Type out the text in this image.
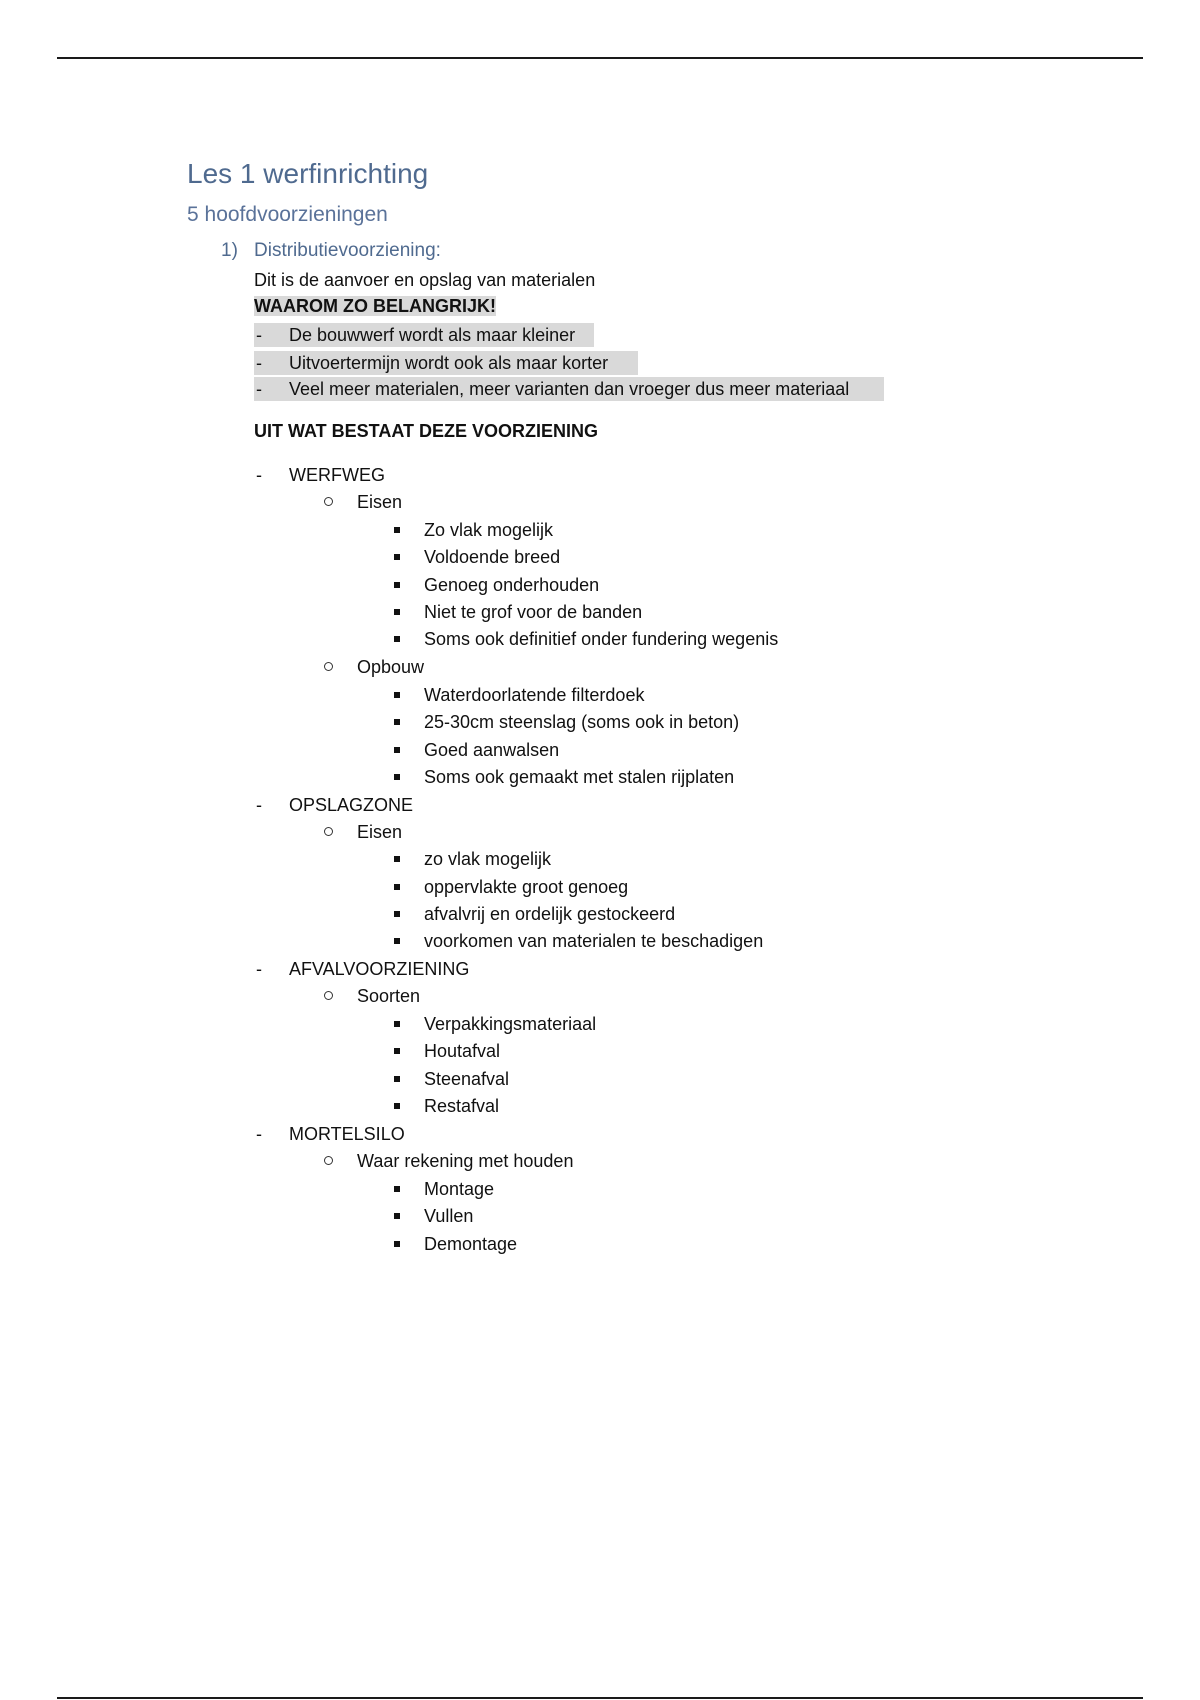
Les 1 werfinrichting
5 hoofdvoorzieningen
1) Distributievoorziening:
Dit is de aanvoer en opslag van materialen
WAAROM ZO BELANGRIJK!
- De bouwwerf wordt als maar kleiner
- Uitvoertermijn wordt ook als maar korter
- Veel meer materialen, meer varianten dan vroeger dus meer materiaal
UIT WAT BESTAAT DEZE VOORZIENING
- WERFWEG
Eisen
Zo vlak mogelijk
Voldoende breed
Genoeg onderhouden
Niet te grof voor de banden
Soms ook definitief onder fundering wegenis
Opbouw
Waterdoorlatende filterdoek
25-30cm steenslag (soms ook in beton)
Goed aanwalsen
Soms ook gemaakt met stalen rijplaten
- OPSLAGZONE
Eisen
zo vlak mogelijk
oppervlakte groot genoeg
afvalvrij en ordelijk gestockeerd
voorkomen van materialen te beschadigen
- AFVALVOORZIENING
Soorten
Verpakkingsmateriaal
Houtafval
Steenafval
Restafval
- MORTELSILO
Waar rekening met houden
Montage
Vullen
Demontage
